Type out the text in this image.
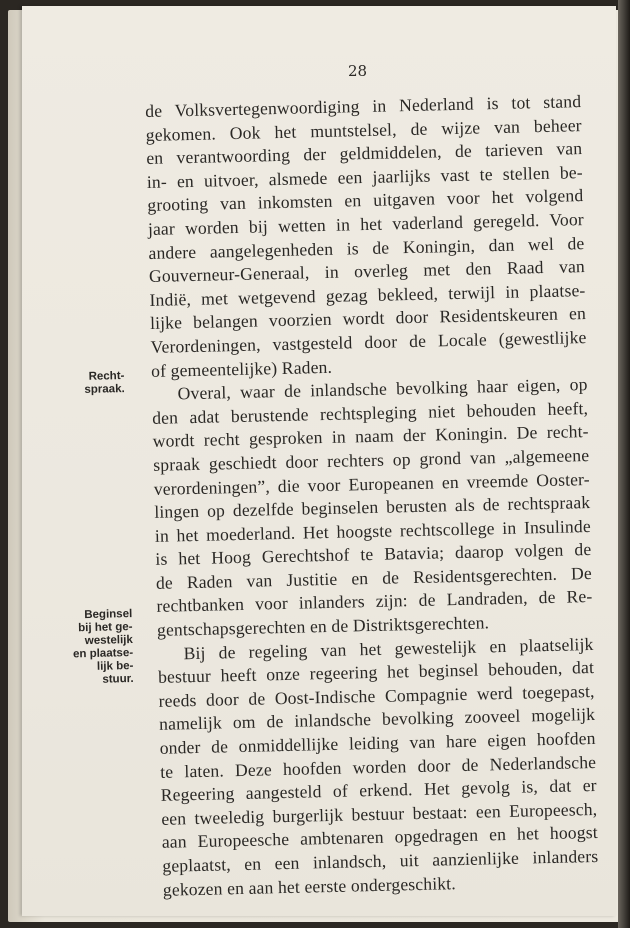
28
Recht-
spraak.
Beginsel
bij het ge-
westelijk
en plaatse-
lijk be-
stuur.
de Volksvertegenwoordiging in Nederland is tot stand
gekomen. Ook het muntstelsel, de wijze van beheer
en verantwoording der geldmiddelen, de tarieven van
in- en uitvoer, alsmede een jaarlijks vast te stellen be-
grooting van inkomsten en uitgaven voor het volgend
jaar worden bij wetten in het vaderland geregeld. Voor
andere aangelegenheden is de Koningin, dan wel de
Gouverneur-Generaal, in overleg met den Raad van
Indië, met wetgevend gezag bekleed, terwijl in plaatse-
lijke belangen voorzien wordt door Residentskeuren en
Verordeningen, vastgesteld door de Locale (gewestlijke
of gemeentelijke) Raden.
Overal, waar de inlandsche bevolking haar eigen, op
den adat berustende rechtspleging niet behouden heeft,
wordt recht gesproken in naam der Koningin. De recht-
spraak geschiedt door rechters op grond van „algemeene
verordeningen”, die voor Europeanen en vreemde Ooster-
lingen op dezelfde beginselen berusten als de rechtspraak
in het moederland. Het hoogste rechtscollege in Insulinde
is het Hoog Gerechtshof te Batavia; daarop volgen de
de Raden van Justitie en de Residentsgerechten. De
rechtbanken voor inlanders zijn: de Landraden, de Re-
gentschapsgerechten en de Distriktsgerechten.
Bij de regeling van het gewestelijk en plaatselijk
bestuur heeft onze regeering het beginsel behouden, dat
reeds door de Oost-Indische Compagnie werd toegepast,
namelijk om de inlandsche bevolking zooveel mogelijk
onder de onmiddellijke leiding van hare eigen hoofden
te laten. Deze hoofden worden door de Nederlandsche
Regeering aangesteld of erkend. Het gevolg is, dat er
een tweeledig burgerlijk bestuur bestaat: een Europeesch,
aan Europeesche ambtenaren opgedragen en het hoogst
geplaatst, en een inlandsch, uit aanzienlijke inlanders
gekozen en aan het eerste ondergeschikt.
